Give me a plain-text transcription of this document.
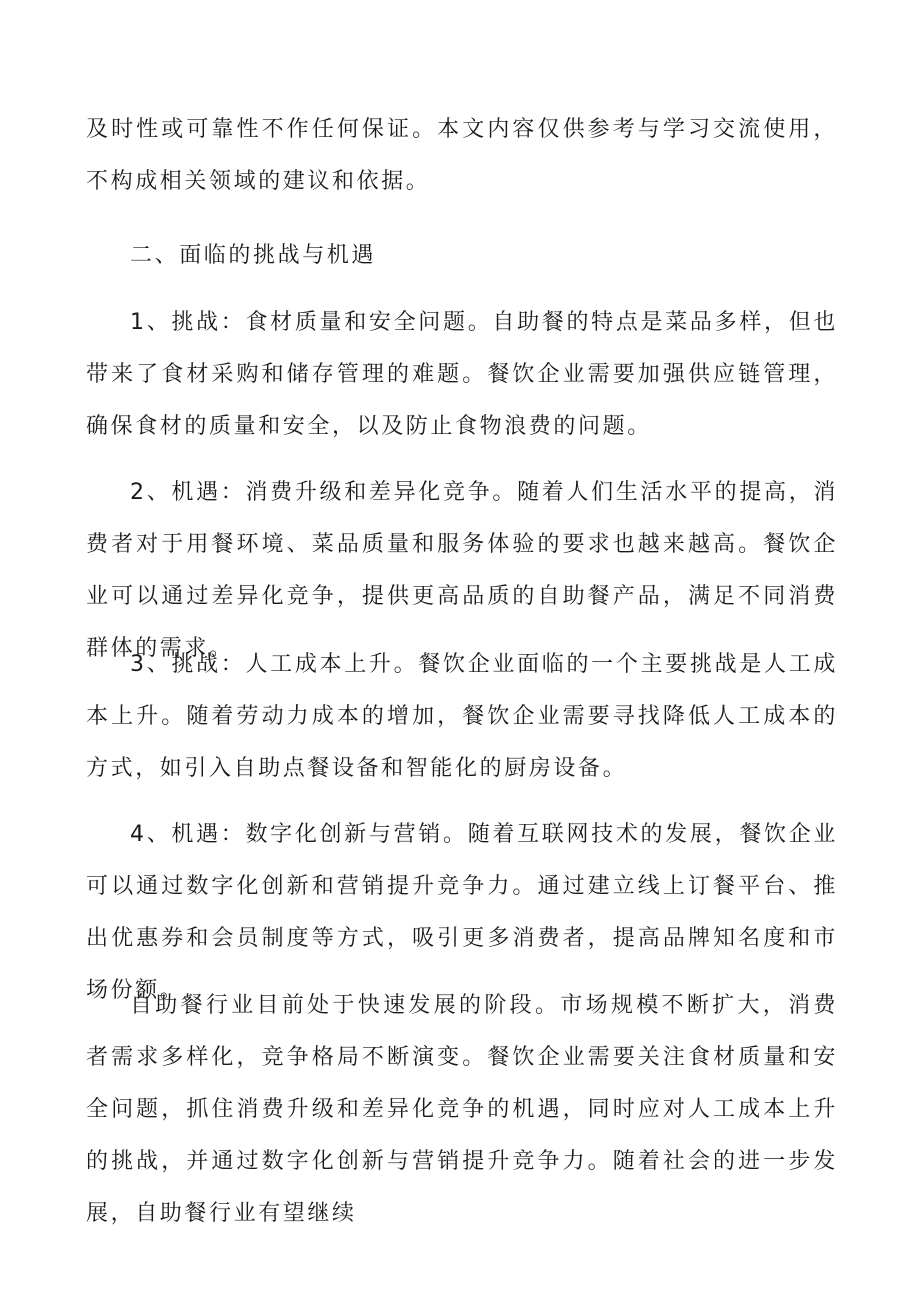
及时性或可靠性不作任何保证。本文内容仅供参考与学习交流使用，不构成相关领域的建议和依据。

二、面临的挑战与机遇

1、挑战：食材质量和安全问题。自助餐的特点是菜品多样，但也带来了食材采购和储存管理的难题。餐饮企业需要加强供应链管理，确保食材的质量和安全，以及防止食物浪费的问题。

2、机遇：消费升级和差异化竞争。随着人们生活水平的提高，消费者对于用餐环境、菜品质量和服务体验的要求也越来越高。餐饮企业可以通过差异化竞争，提供更高品质的自助餐产品，满足不同消费群体的需求。

3、挑战：人工成本上升。餐饮企业面临的一个主要挑战是人工成本上升。随着劳动力成本的增加，餐饮企业需要寻找降低人工成本的方式，如引入自助点餐设备和智能化的厨房设备。

4、机遇：数字化创新与营销。随着互联网技术的发展，餐饮企业可以通过数字化创新和营销提升竞争力。通过建立线上订餐平台、推出优惠券和会员制度等方式，吸引更多消费者，提高品牌知名度和市场份额。

自助餐行业目前处于快速发展的阶段。市场规模不断扩大，消费者需求多样化，竞争格局不断演变。餐饮企业需要关注食材质量和安全问题，抓住消费升级和差异化竞争的机遇，同时应对人工成本上升的挑战，并通过数字化创新与营销提升竞争力。随着社会的进一步发展，自助餐行业有望继续
